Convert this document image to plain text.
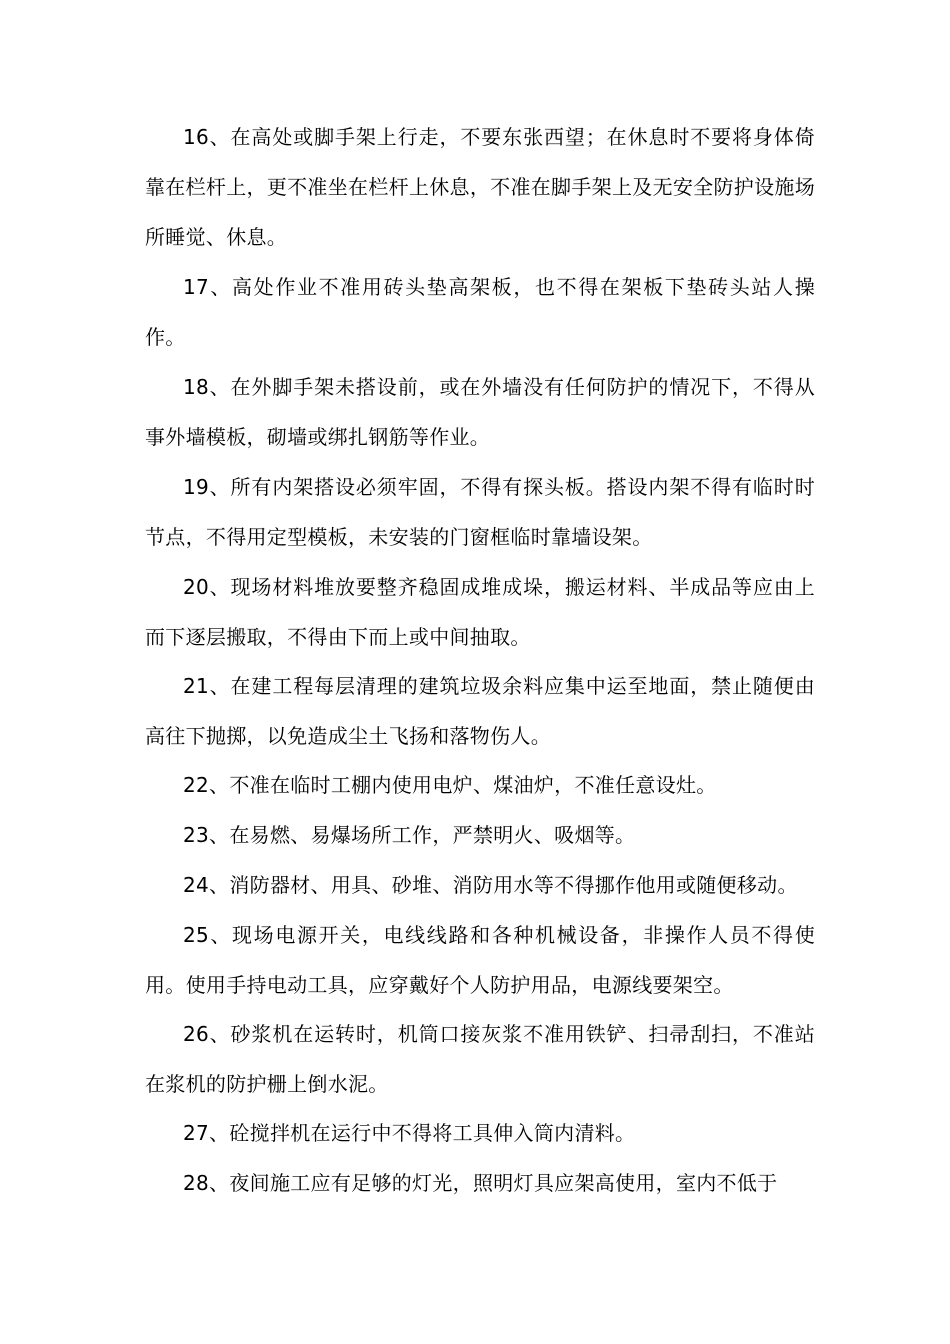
16、在高处或脚手架上行走，不要东张西望；在休息时不要将身体倚靠在栏杆上，更不准坐在栏杆上休息，不准在脚手架上及无安全防护设施场所睡觉、休息。

17、高处作业不准用砖头垫高架板，也不得在架板下垫砖头站人操作。

18、在外脚手架未搭设前，或在外墙没有任何防护的情况下，不得从事外墙模板，砌墙或绑扎钢筋等作业。

19、所有内架搭设必须牢固，不得有探头板。搭设内架不得有临时时节点，不得用定型模板，未安装的门窗框临时靠墙设架。

20、现场材料堆放要整齐稳固成堆成垛，搬运材料、半成品等应由上而下逐层搬取，不得由下而上或中间抽取。

21、在建工程每层清理的建筑垃圾余料应集中运至地面，禁止随便由高往下抛掷，以免造成尘土飞扬和落物伤人。

22、不准在临时工棚内使用电炉、煤油炉，不准任意设灶。

23、在易燃、易爆场所工作，严禁明火、吸烟等。

24、消防器材、用具、砂堆、消防用水等不得挪作他用或随便移动。

25、现场电源开关，电线线路和各种机械设备，非操作人员不得使用。使用手持电动工具，应穿戴好个人防护用品，电源线要架空。

26、砂浆机在运转时，机筒口接灰浆不准用铁铲、扫帚刮扫，不准站在浆机的防护栅上倒水泥。

27、砼搅拌机在运行中不得将工具伸入筒内清料。

28、夜间施工应有足够的灯光，照明灯具应架高使用，室内不低于
